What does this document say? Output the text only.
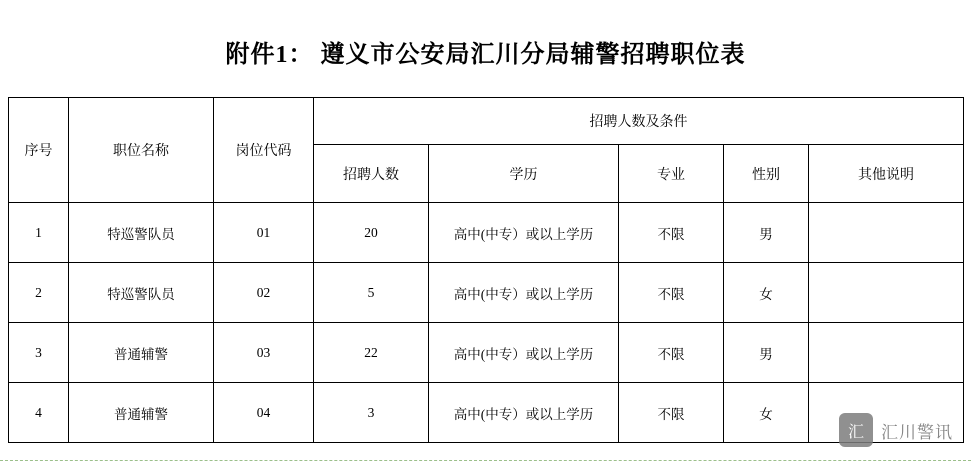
附件1： 遵义市公安局汇川分局辅警招聘职位表
序号	职位名称	岗位代码	招聘人数及条件				
			招聘人数	学历	专业	性别	其他说明
1	特巡警队员	01	20	高中(中专）或以上学历	不限	男	
2	特巡警队员	02	5	高中(中专）或以上学历	不限	女	
3	普通辅警	03	22	高中(中专）或以上学历	不限	男	
4	普通辅警	04	3	高中(中专）或以上学历	不限	女	
汇	汇川警讯
